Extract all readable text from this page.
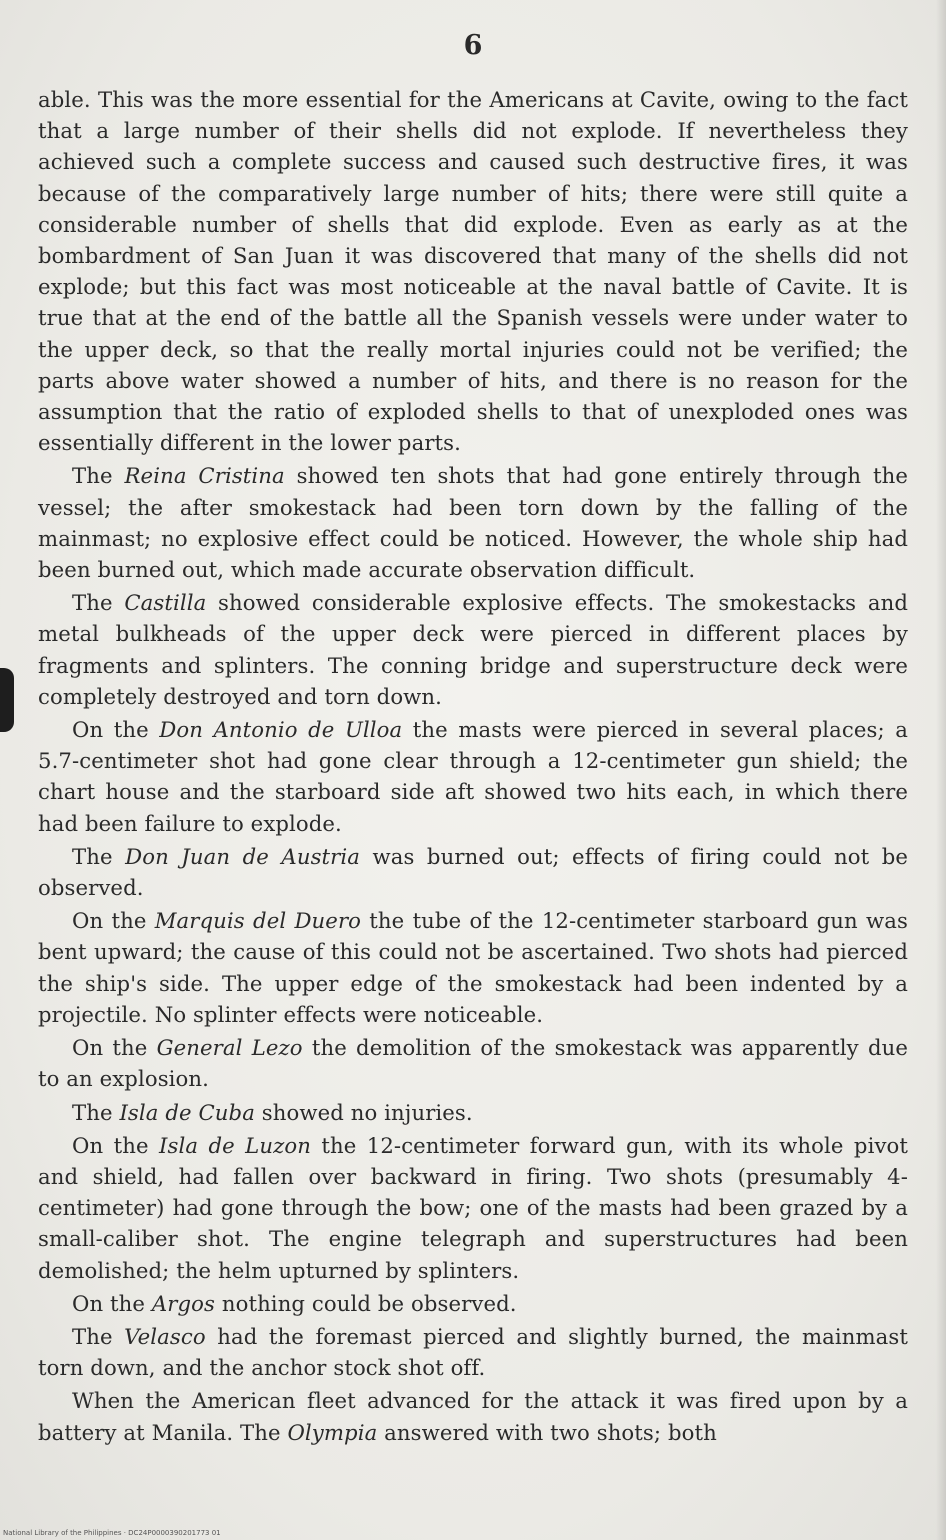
6

able. This was the more essential for the Americans at Cavite, owing to the fact that a large number of their shells did not explode. If nevertheless they achieved such a complete success and caused such destructive fires, it was because of the comparatively large number of hits; there were still quite a considerable number of shells that did explode. Even as early as at the bombardment of San Juan it was discovered that many of the shells did not explode; but this fact was most noticeable at the naval battle of Cavite. It is true that at the end of the battle all the Spanish vessels were under water to the upper deck, so that the really mortal injuries could not be verified; the parts above water showed a number of hits, and there is no reason for the assumption that the ratio of exploded shells to that of unexploded ones was essentially different in the lower parts.

The Reina Cristina showed ten shots that had gone entirely through the vessel; the after smokestack had been torn down by the falling of the mainmast; no explosive effect could be noticed. However, the whole ship had been burned out, which made accurate observation difficult.

The Castilla showed considerable explosive effects. The smokestacks and metal bulkheads of the upper deck were pierced in different places by fragments and splinters. The conning bridge and superstructure deck were completely destroyed and torn down.

On the Don Antonio de Ulloa the masts were pierced in several places; a 5.7-centimeter shot had gone clear through a 12-centimeter gun shield; the chart house and the starboard side aft showed two hits each, in which there had been failure to explode.

The Don Juan de Austria was burned out; effects of firing could not be observed.

On the Marquis del Duero the tube of the 12-centimeter starboard gun was bent upward; the cause of this could not be ascertained. Two shots had pierced the ship's side. The upper edge of the smokestack had been indented by a projectile. No splinter effects were noticeable.

On the General Lezo the demolition of the smokestack was apparently due to an explosion.

The Isla de Cuba showed no injuries.

On the Isla de Luzon the 12-centimeter forward gun, with its whole pivot and shield, had fallen over backward in firing. Two shots (presumably 4-centimeter) had gone through the bow; one of the masts had been grazed by a small-caliber shot. The engine telegraph and superstructures had been demolished; the helm upturned by splinters.

On the Argos nothing could be observed.

The Velasco had the foremast pierced and slightly burned, the mainmast torn down, and the anchor stock shot off.

When the American fleet advanced for the attack it was fired upon by a battery at Manila. The Olympia answered with two shots; both

National Library of the Philippines · DC24P0000390201773 01
